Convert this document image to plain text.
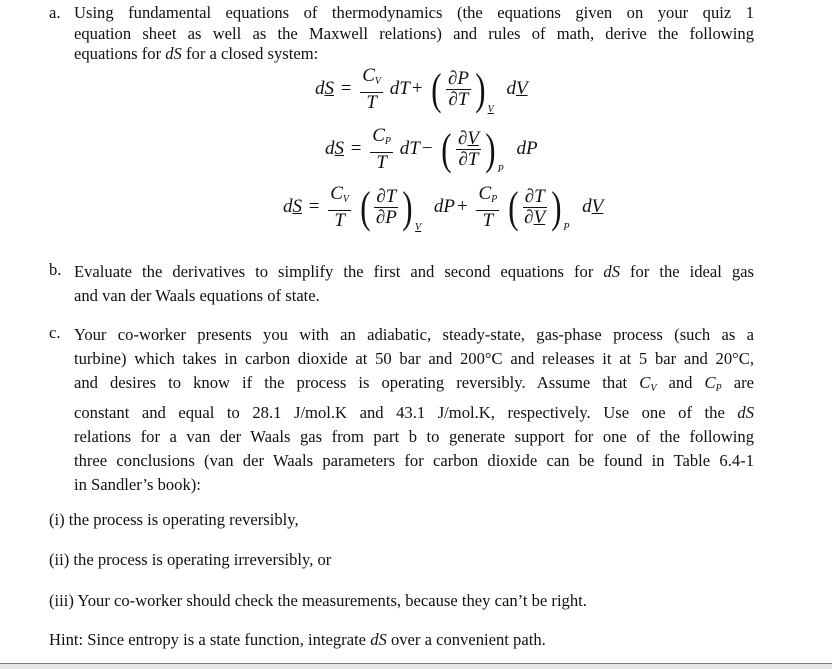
a. Using fundamental equations of thermodynamics (the equations given on your quiz 1
equation sheet as well as the Maxwell relations) and rules of math, derive the following
equations for dS for a closed system:
dS = $\frac{C_V}{T}$ dT + ( $\frac{\partial P}{\partial T}$ ) $_V$ dV
dS = $\frac{C_P}{T}$ dT − ( $\frac{\partial V}{\partial T}$ ) $_P$ dP
dS = $\frac{C_V}{T}$ ( $\frac{\partial T}{\partial P}$ ) $_V$ dP + $\frac{C_P}{T}$ ( $\frac{\partial T}{\partial V}$ ) $_P$ dV
b. Evaluate the derivatives to simplify the first and second equations for dS for the ideal gas
and van der Waals equations of state.
c. Your co-worker presents you with an adiabatic, steady-state, gas-phase process (such as a
turbine) which takes in carbon dioxide at 50 bar and 200°C and releases it at 5 bar and 20°C,
and desires to know if the process is operating reversibly. Assume that $C_V$ and $C_P$ are
constant and equal to 28.1 J/mol.K and 43.1 J/mol.K, respectively. Use one of the dS
relations for a van der Waals gas from part b to generate support for one of the following
three conclusions (van der Waals parameters for carbon dioxide can be found in Table 6.4-1
in Sandler’s book):
(i) the process is operating reversibly,
(ii) the process is operating irreversibly, or
(iii) Your co-worker should check the measurements, because they can’t be right.
Hint: Since entropy is a state function, integrate dS over a convenient path.
